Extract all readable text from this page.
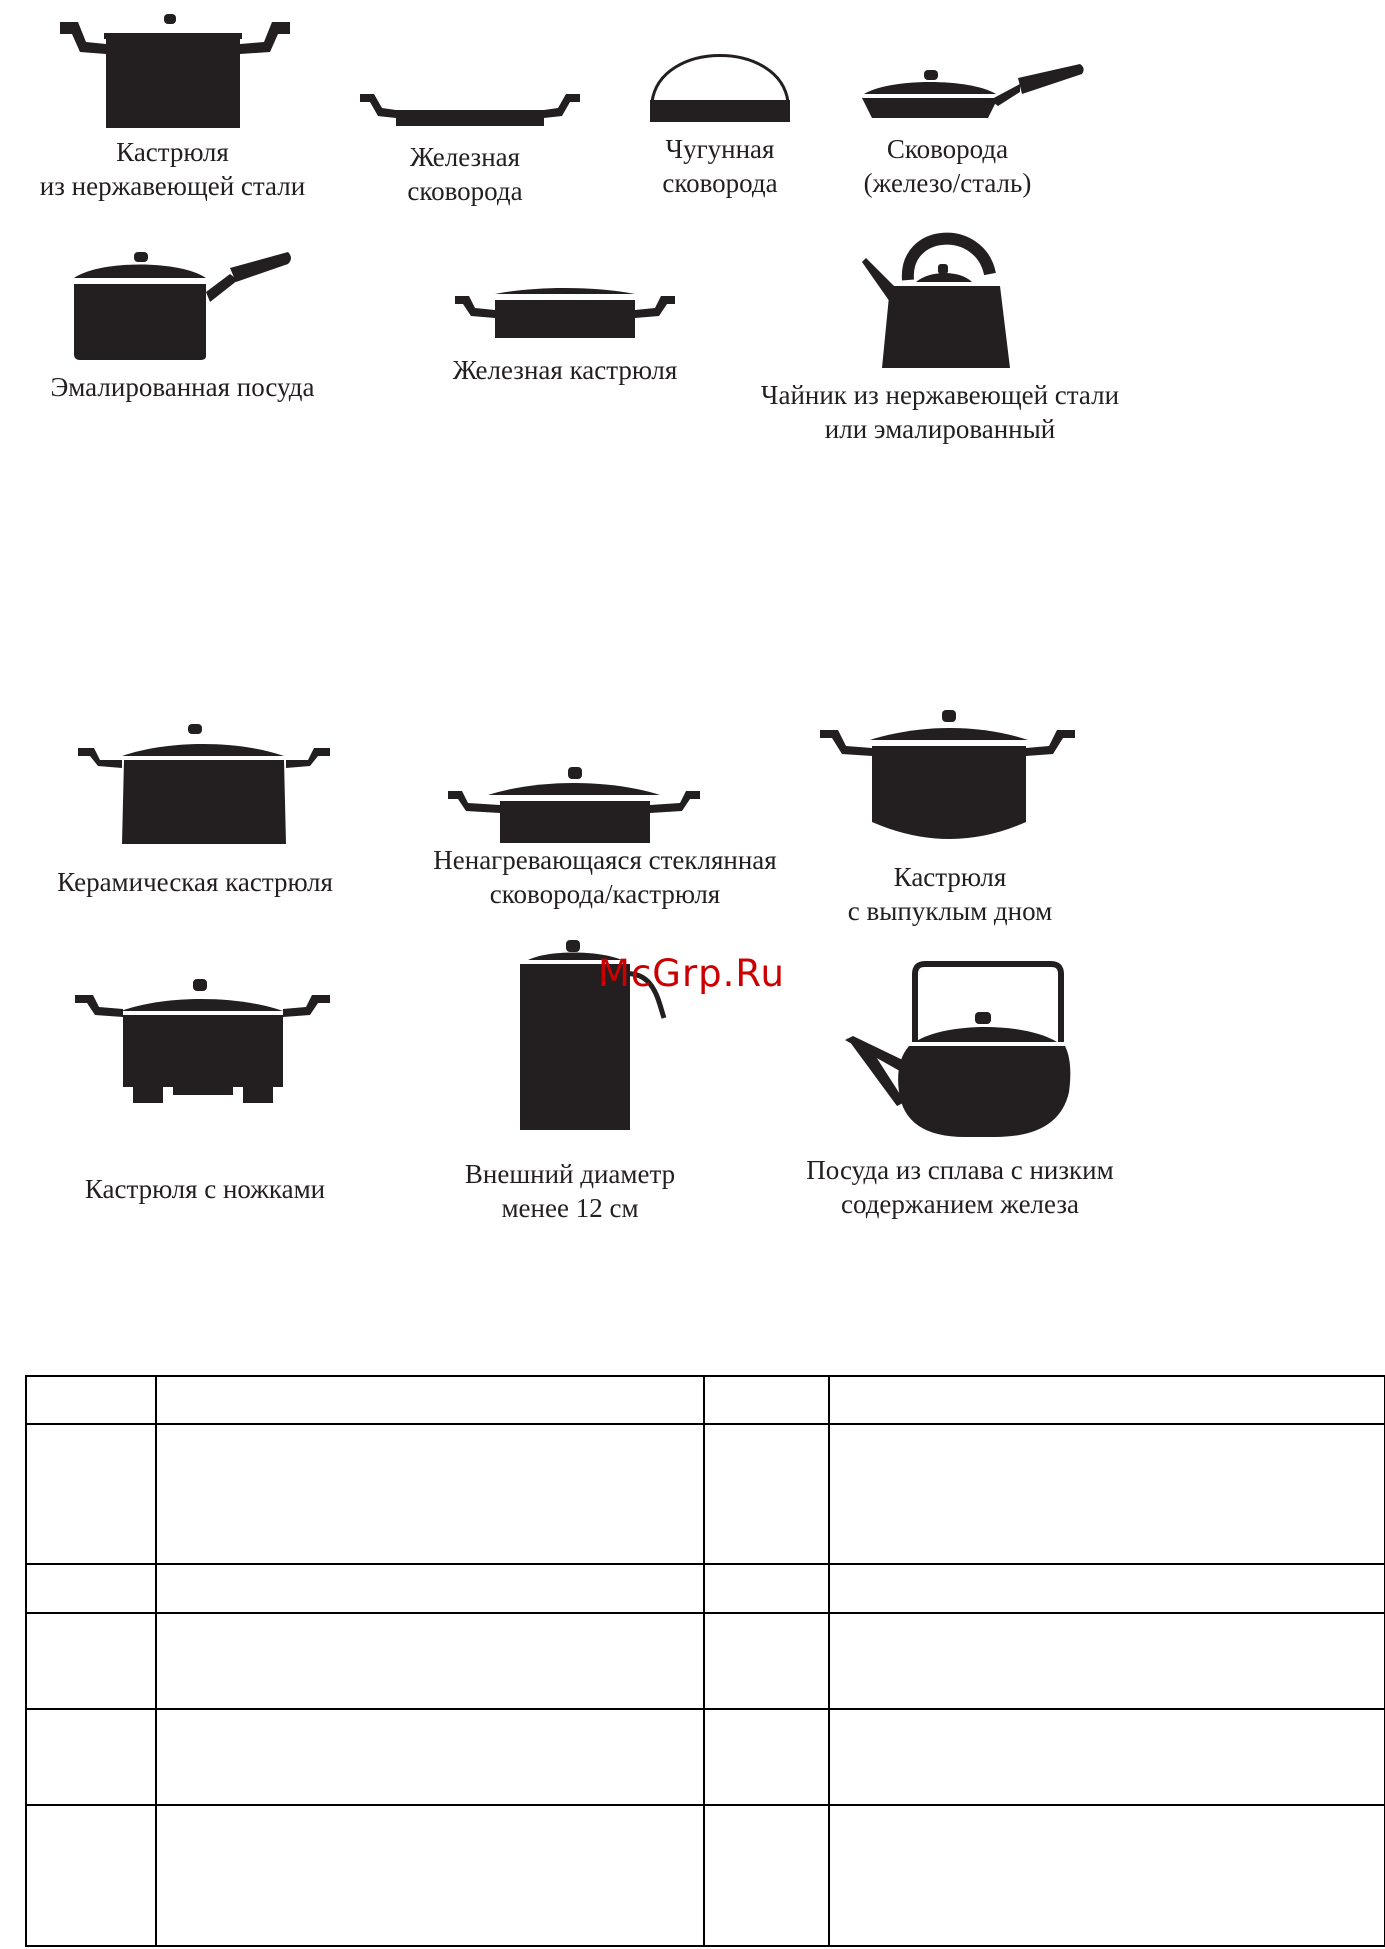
Кастрюля
из нержавеющей стали
Железная
сковорода
Чугунная
сковорода
Сковорода
(железо/сталь)
Эмалированная посуда
Железная кастрюля
Чайник из нержавеющей стали
или эмалированный
Керамическая кастрюля
Ненагревающаяся стеклянная
сковорода/кастрюля
Кастрюля
с выпуклым дном
Кастрюля с ножками	Внешний диаметр
менее 12 см
Посуда из сплава с низким
содержанием железа
McGrp.Ru
